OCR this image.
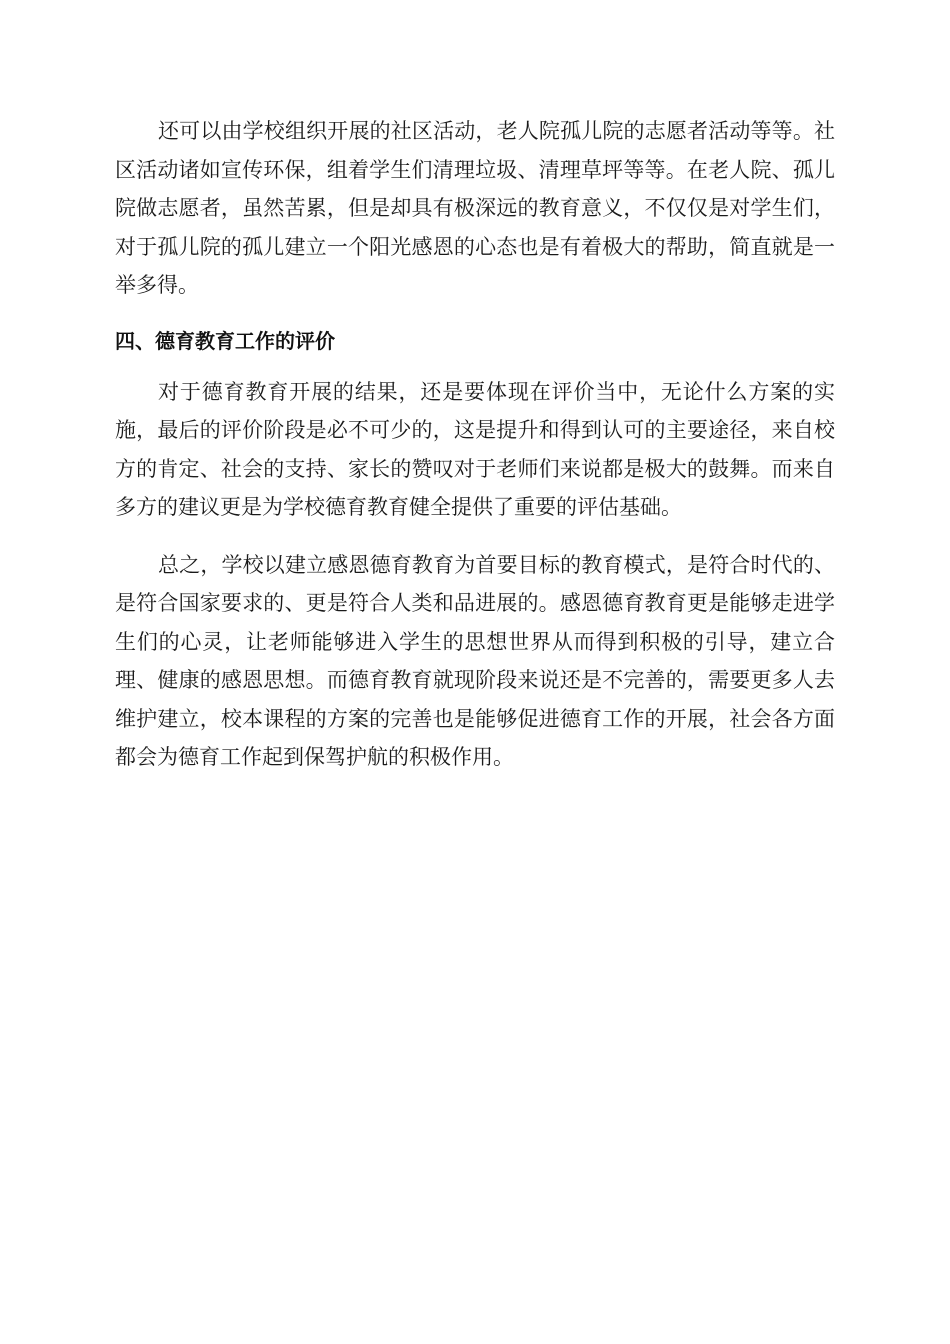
还可以由学校组织开展的社区活动，老人院孤儿院的志愿者活动等等。社区活动诸如宣传环保，组着学生们清理垃圾、清理草坪等等。在老人院、孤儿院做志愿者，虽然苦累，但是却具有极深远的教育意义，不仅仅是对学生们，对于孤儿院的孤儿建立一个阳光感恩的心态也是有着极大的帮助，简直就是一举多得。

四、德育教育工作的评价

对于德育教育开展的结果，还是要体现在评价当中，无论什么方案的实施，最后的评价阶段是必不可少的，这是提升和得到认可的主要途径，来自校方的肯定、社会的支持、家长的赞叹对于老师们来说都是极大的鼓舞。而来自多方的建议更是为学校德育教育健全提供了重要的评估基础。

总之，学校以建立感恩德育教育为首要目标的教育模式，是符合时代的、是符合国家要求的、更是符合人类和品进展的。感恩德育教育更是能够走进学生们的心灵，让老师能够进入学生的思想世界从而得到积极的引导，建立合理、健康的感恩思想。而德育教育就现阶段来说还是不完善的，需要更多人去维护建立，校本课程的方案的完善也是能够促进德育工作的开展，社会各方面都会为德育工作起到保驾护航的积极作用。
